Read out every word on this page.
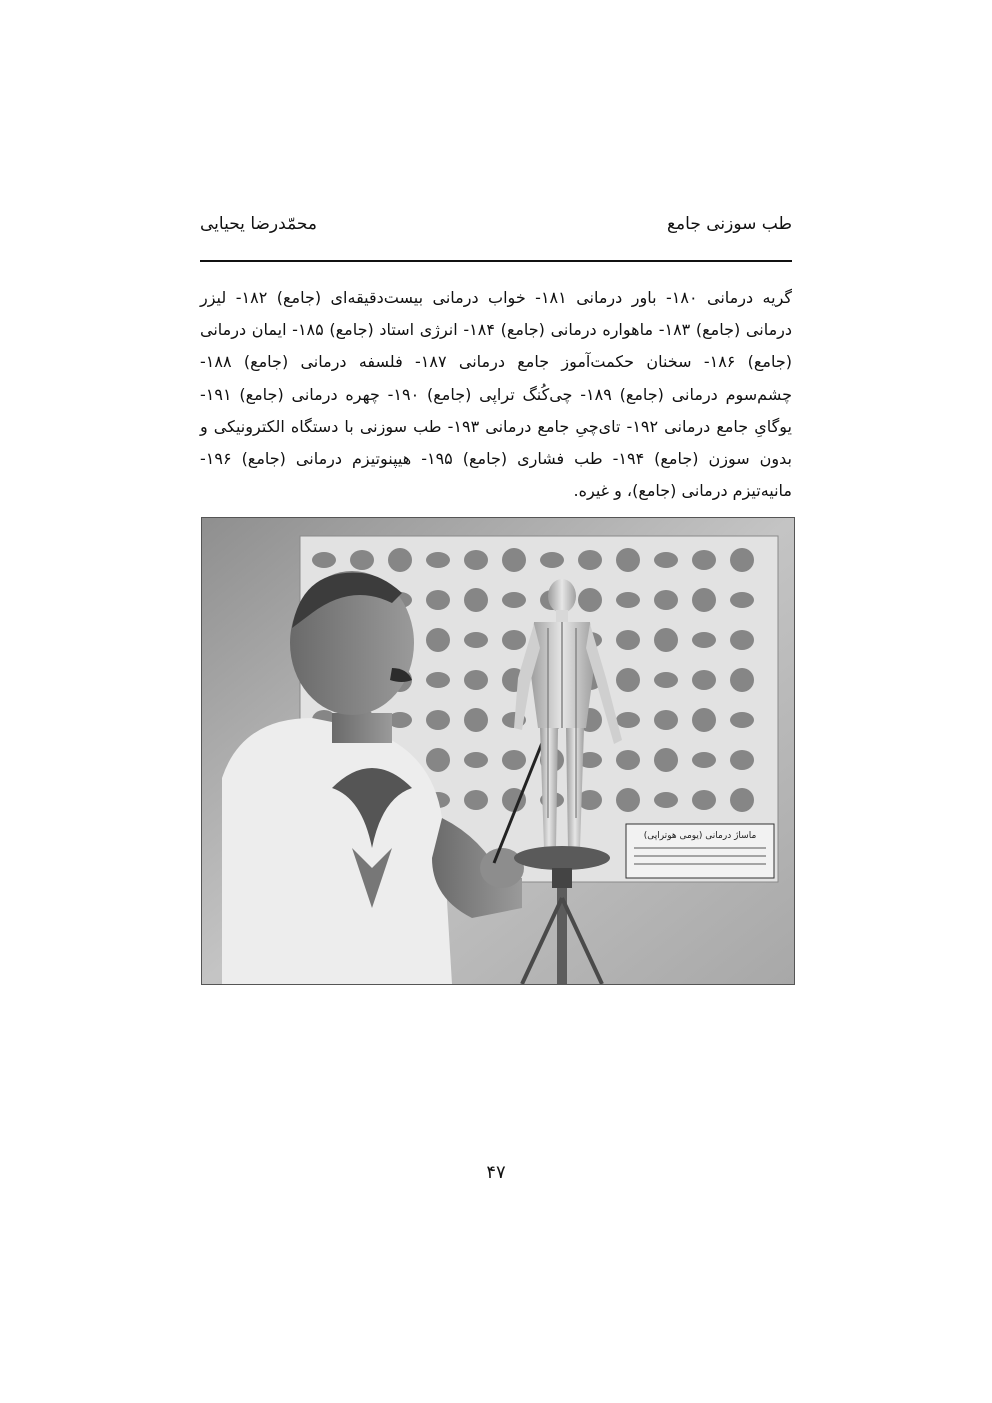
طب سوزنی جامع
محمّدرضا یحیایی
گریه درمانی ۱۸۰- باور درمانی ۱۸۱- خواب درمانی بیست‌دقیقه‌ای (جامع) ۱۸۲- لیزر
درمانی (جامع) ۱۸۳- ماهواره درمانی (جامع) ۱۸۴- انرژی استاد (جامع) ۱۸۵- ایمان درمانی
(جامع) ۱۸۶- سخنان حکمت‌آموز جامع درمانی ۱۸۷- فلسفه درمانی (جامع) ۱۸۸-
چشم‌سوم درمانی (جامع) ۱۸۹- چی‌کُنگ تراپی (جامع) ۱۹۰- چهره درمانی (جامع) ۱۹۱-
یوگایِ جامع درمانی ۱۹۲- تای‌چیِ جامع درمانی ۱۹۳- طب سوزنی با دستگاه الکترونیکی و
بدون سوزن (جامع) ۱۹۴- طب فشاری (جامع) ۱۹۵- هیپنوتیزم درمانی (جامع) ۱۹۶-
مانیه‌تیزم درمانی (جامع)، و غیره.
ماساژ درمانی (یومی هوتراپی)
۴۷
